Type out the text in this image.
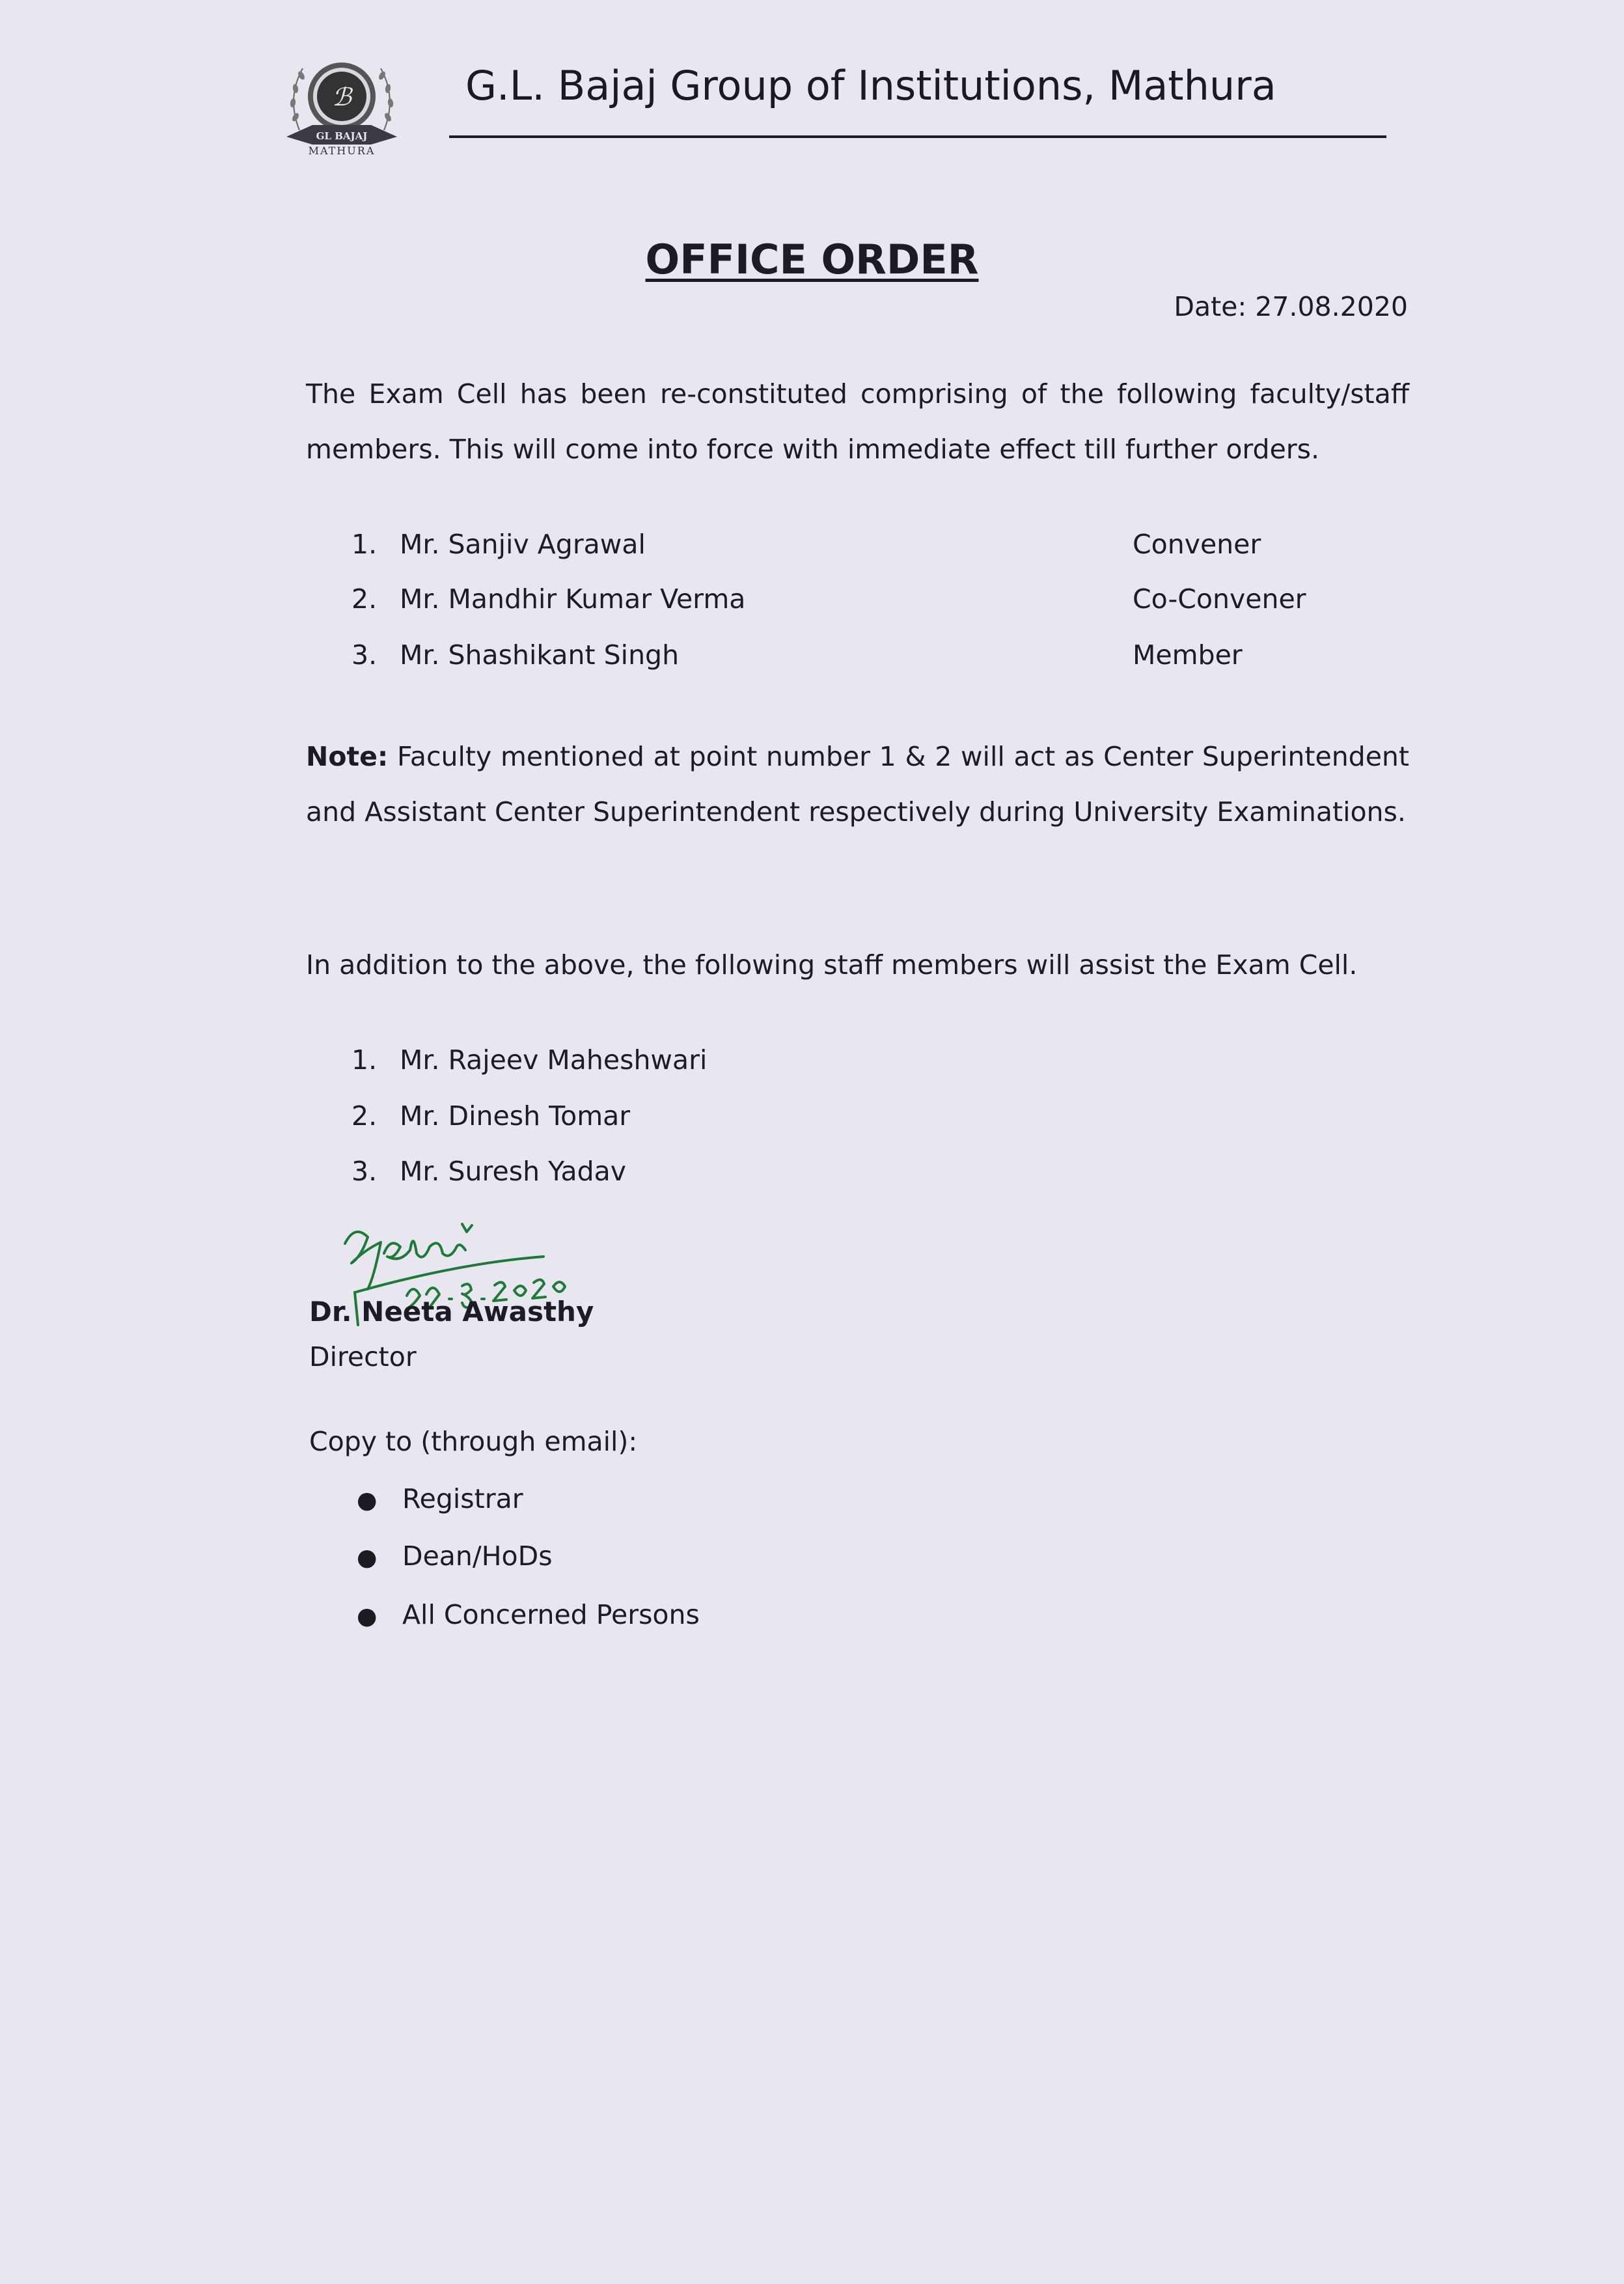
ℬ
GL BAJAJ
MATHURA
G.L. Bajaj Group of Institutions, Mathura
OFFICE ORDER
Date: 27.08.2020
The Exam Cell has been re-constituted comprising of the following faculty/staff members. This will come into force with immediate effect till further orders.
1. Mr. Sanjiv Agrawal	Convener
2. Mr. Mandhir Kumar Verma	Co-Convener
3. Mr. Shashikant Singh	Member
Note: Faculty mentioned at point number 1 & 2 will act as Center Superintendent and Assistant Center Superintendent respectively during University Examinations.
In addition to the above, the following staff members will assist the Exam Cell.
1. Mr. Rajeev Maheshwari
2. Mr. Dinesh Tomar
3. Mr. Suresh Yadav
Dr. Neeta Awasthy
Director
Copy to (through email):
● Registrar
● Dean/HoDs
● All Concerned Persons
